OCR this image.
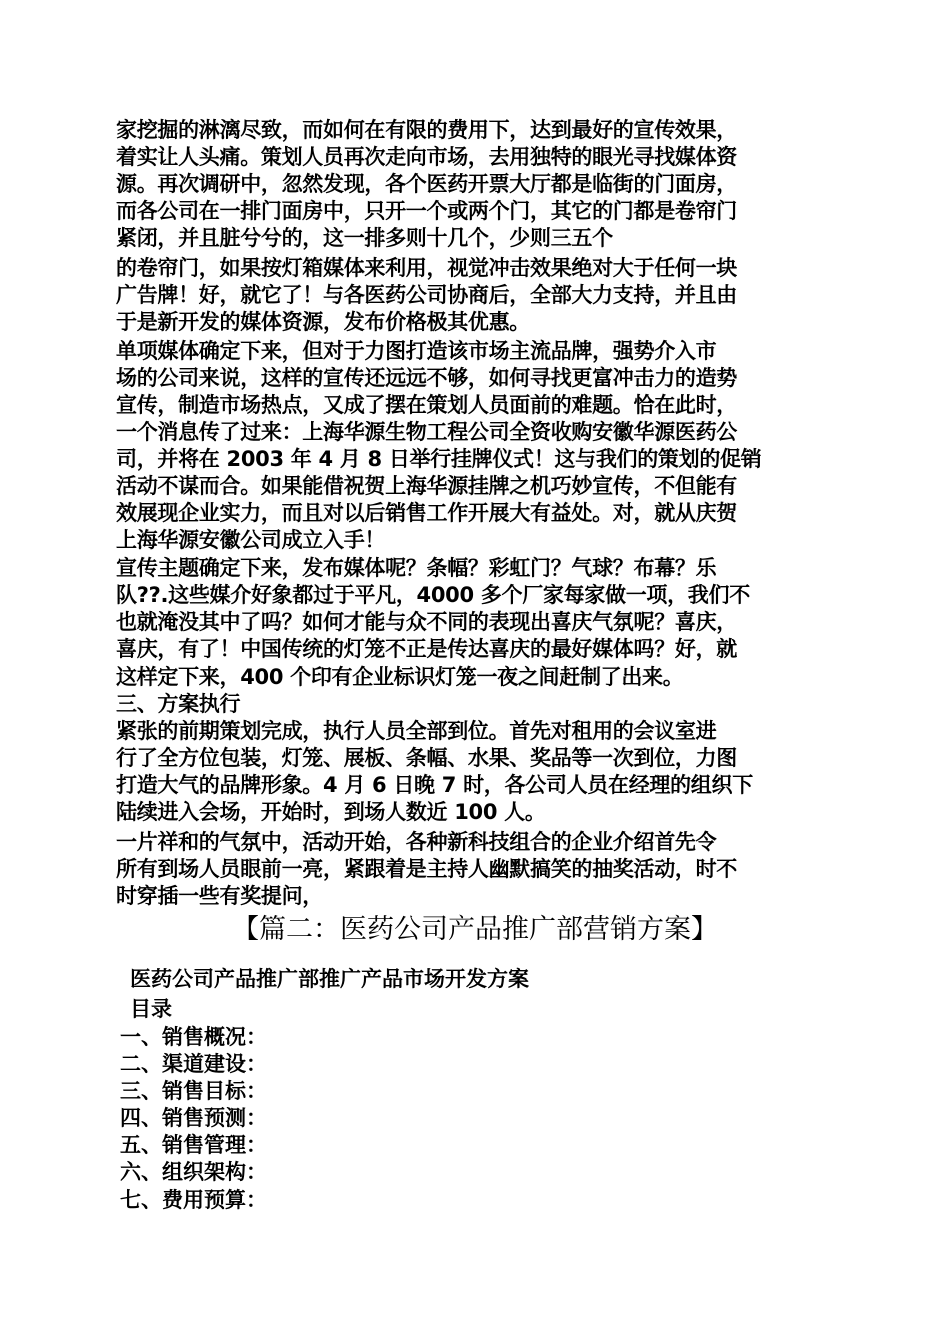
家挖掘的淋漓尽致，而如何在有限的费用下，达到最好的宣传效果，
着实让人头痛。策划人员再次走向市场，去用独特的眼光寻找媒体资
源。再次调研中，忽然发现，各个医药开票大厅都是临街的门面房，
而各公司在一排门面房中，只开一个或两个门，其它的门都是卷帘门
紧闭，并且脏兮兮的，这一排多则十几个，少则三五个
的卷帘门，如果按灯箱媒体来利用，视觉冲击效果绝对大于任何一块
广告牌！好，就它了！与各医药公司协商后，全部大力支持，并且由
于是新开发的媒体资源，发布价格极其优惠。
单项媒体确定下来，但对于力图打造该市场主流品牌，强势介入市
场的公司来说，这样的宣传还远远不够，如何寻找更富冲击力的造势
宣传，制造市场热点，又成了摆在策划人员面前的难题。恰在此时，
一个消息传了过来：上海华源生物工程公司全资收购安徽华源医药公
司，并将在 2003 年 4 月 8 日举行挂牌仪式！这与我们的策划的促销
活动不谋而合。如果能借祝贺上海华源挂牌之机巧妙宣传，不但能有
效展现企业实力，而且对以后销售工作开展大有益处。对，就从庆贺
上海华源安徽公司成立入手！
宣传主题确定下来，发布媒体呢？条幅？彩虹门？气球？布幕？乐
队??.这些媒介好象都过于平凡，4000 多个厂家每家做一项，我们不
也就淹没其中了吗？如何才能与众不同的表现出喜庆气氛呢？喜庆，
喜庆，有了！中国传统的灯笼不正是传达喜庆的最好媒体吗？好，就
这样定下来，400 个印有企业标识灯笼一夜之间赶制了出来。
三、方案执行
紧张的前期策划完成，执行人员全部到位。首先对租用的会议室进
行了全方位包装，灯笼、展板、条幅、水果、奖品等一次到位，力图
打造大气的品牌形象。4 月 6 日晚 7 时，各公司人员在经理的组织下
陆续进入会场，开始时，到场人数近 100 人。
一片祥和的气氛中，活动开始，各种新科技组合的企业介绍首先令
所有到场人员眼前一亮，紧跟着是主持人幽默搞笑的抽奖活动，时不
时穿插一些有奖提问，
【篇二：医药公司产品推广部营销方案】
医药公司产品推广部推广产品市场开发方案
目录
一、销售概况：
二、渠道建设：
三、销售目标：
四、销售预测：
五、销售管理：
六、组织架构：
七、费用预算：
